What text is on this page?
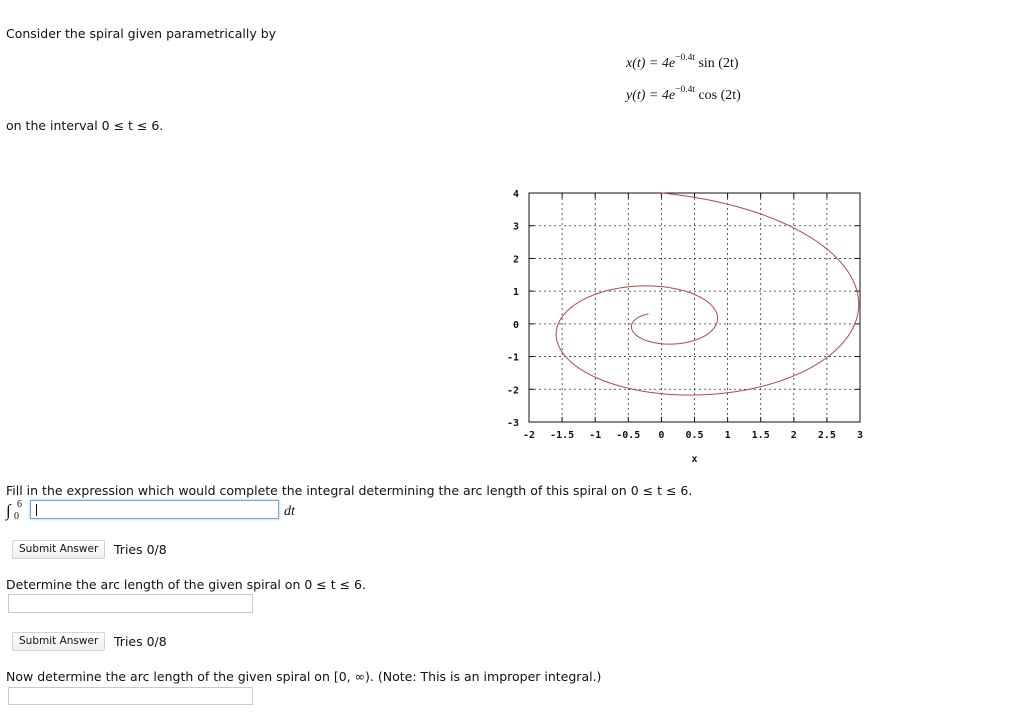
Consider the spiral given parametrically by
$x(t) = 4e^{-0.4t}$ sin (2t)
$y(t) = 4e^{-0.4t}$ cos (2t)
on the interval 0 ≤ t ≤ 6.
4
3
2
1
0
-1
-2
-3
-2 -1.5 -1 -0.5 0 0.5 1 1.5 2 2.5 3
x
Fill in the expression which would complete the integral determining the arc length of this spiral on 0 ≤ t ≤ 6.
∫ 6
0	dt
Submit Answer	Tries 0/8
Determine the arc length of the given spiral on 0 ≤ t ≤ 6.
Submit Answer	Tries 0/8
Now determine the arc length of the given spiral on [0, ∞). (Note: This is an improper integral.)
